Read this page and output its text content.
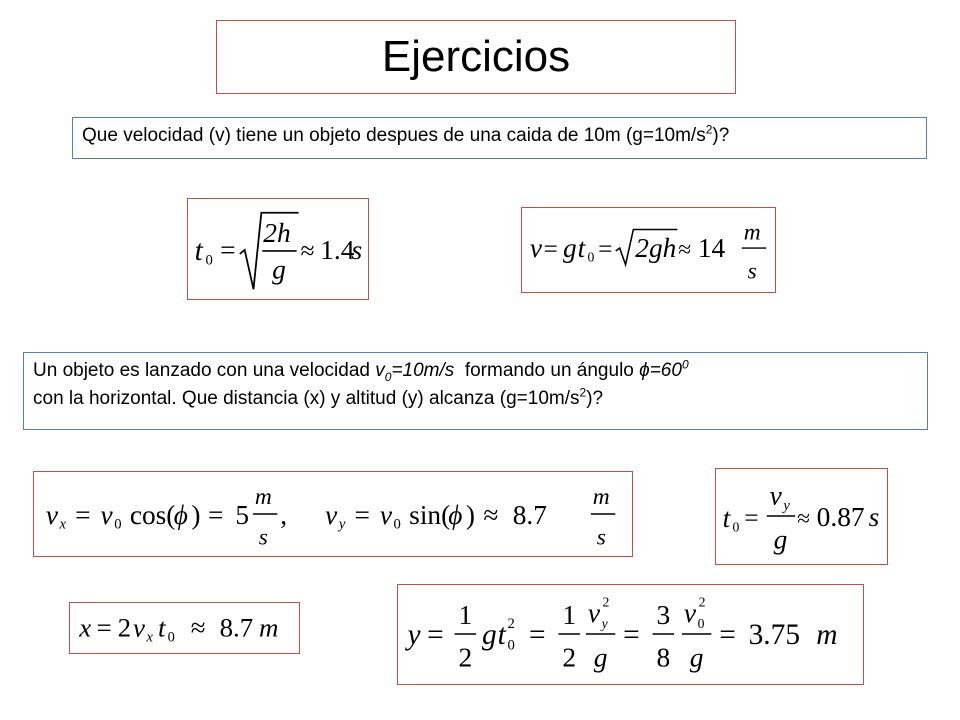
Ejercicios
Que velocidad (v) tiene un objeto despues de una caida de 10m $(g=10m/s^2)$?
Un objeto es lanzado con una velocidad $v_0=10m/s$  formando un ángulo $\phi=60^0$
con la horizontal. Que distancia (x) y altitud (y) alcanza $(g=10m/s^2)$?
t 0 =
2h
g
≈ 1.4
s	v = g t 0 = 2gh ≈ 14
m
s
v x = v 0 cos(
ϕ ) = 5
m
s
, v y = v 0 sin(
ϕ ) ≈ 8.7
m
s
t 0 =
v y
g
≈ 0.87 s
x = 2 v x t 0 ≈ 8.7 m	y =
1
2
g t 0
2 =
1
2
v y
2
g
=
3
8
v 0
2
g
= 3.75 m
